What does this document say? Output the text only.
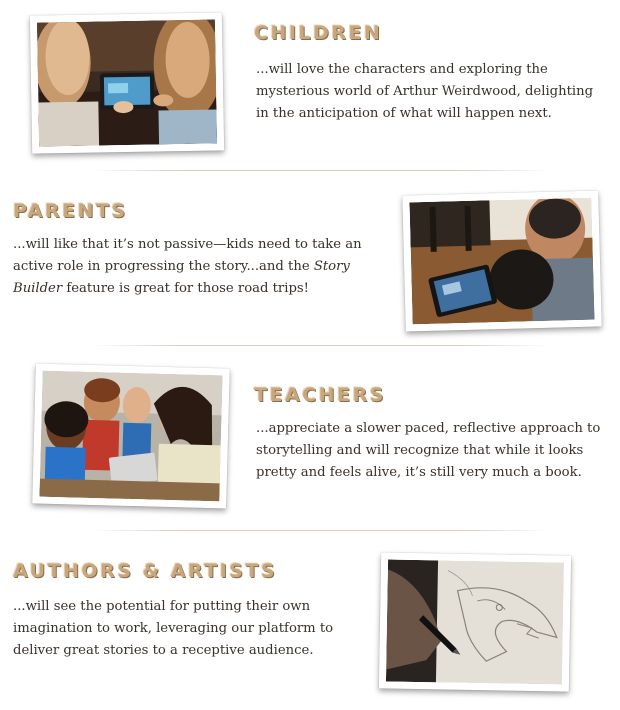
CHILDREN

...will love the characters and exploring the mysterious world of Arthur Weirdwood, delighting in the anticipation of what will happen next.

PARENTS

...will like that it’s not passive—kids need to take an active role in progressing the story...and the Story Builder feature is great for those road trips!

TEACHERS

...appreciate a slower paced, reflective approach to storytelling and will recognize that while it looks pretty and feels alive, it’s still very much a book.

AUTHORS & ARTISTS

...will see the potential for putting their own imagination to work, leveraging our platform to deliver great stories to a receptive audience.
